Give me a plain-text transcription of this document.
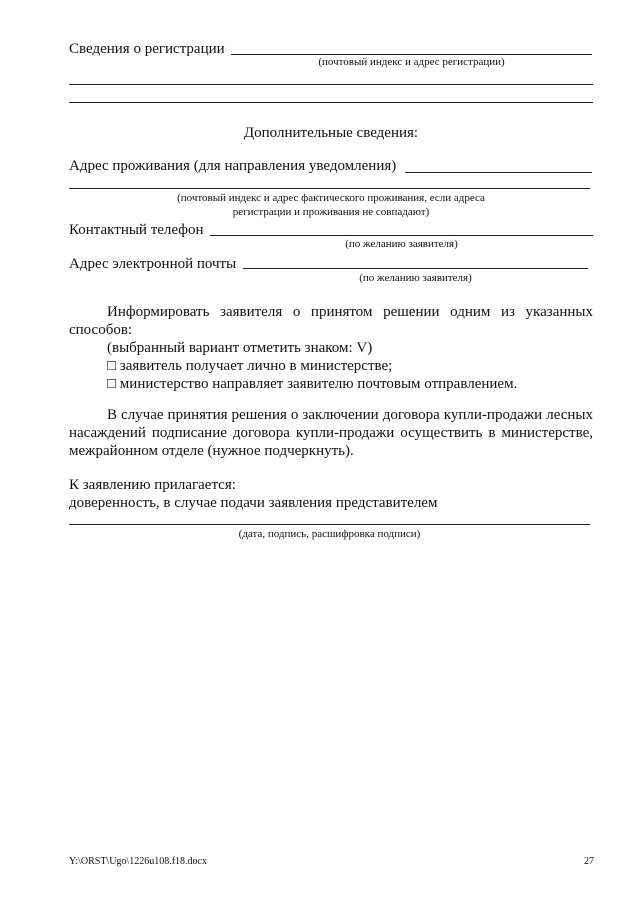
Сведения о регистрации
(почтовый индекс и адрес регистрации)
Дополнительные сведения:
Адрес проживания (для направления уведомления)
(почтовый индекс и адрес фактического проживания, если адреса
регистрации и проживания не совпадают)
Контактный телефон
(по желанию заявителя)
Адрес электронной почты
(по желанию заявителя)
Информировать заявителя о принятом решении одним из указанных
способов:
(выбранный вариант отметить знаком: V)
□ заявитель получает лично в министерстве;
□ министерство направляет заявителю почтовым отправлением.
В случае принятия решения о заключении договора купли-продажи лесных
насаждений подписание договора купли-продажи осуществить в министерстве,
межрайонном отделе (нужное подчеркнуть).
К заявлению прилагается:
доверенность, в случае подачи заявления представителем
(дата, подпись, расшифровка подписи)
Y:\ORST\Ugo\1226u108.f18.docx	27
